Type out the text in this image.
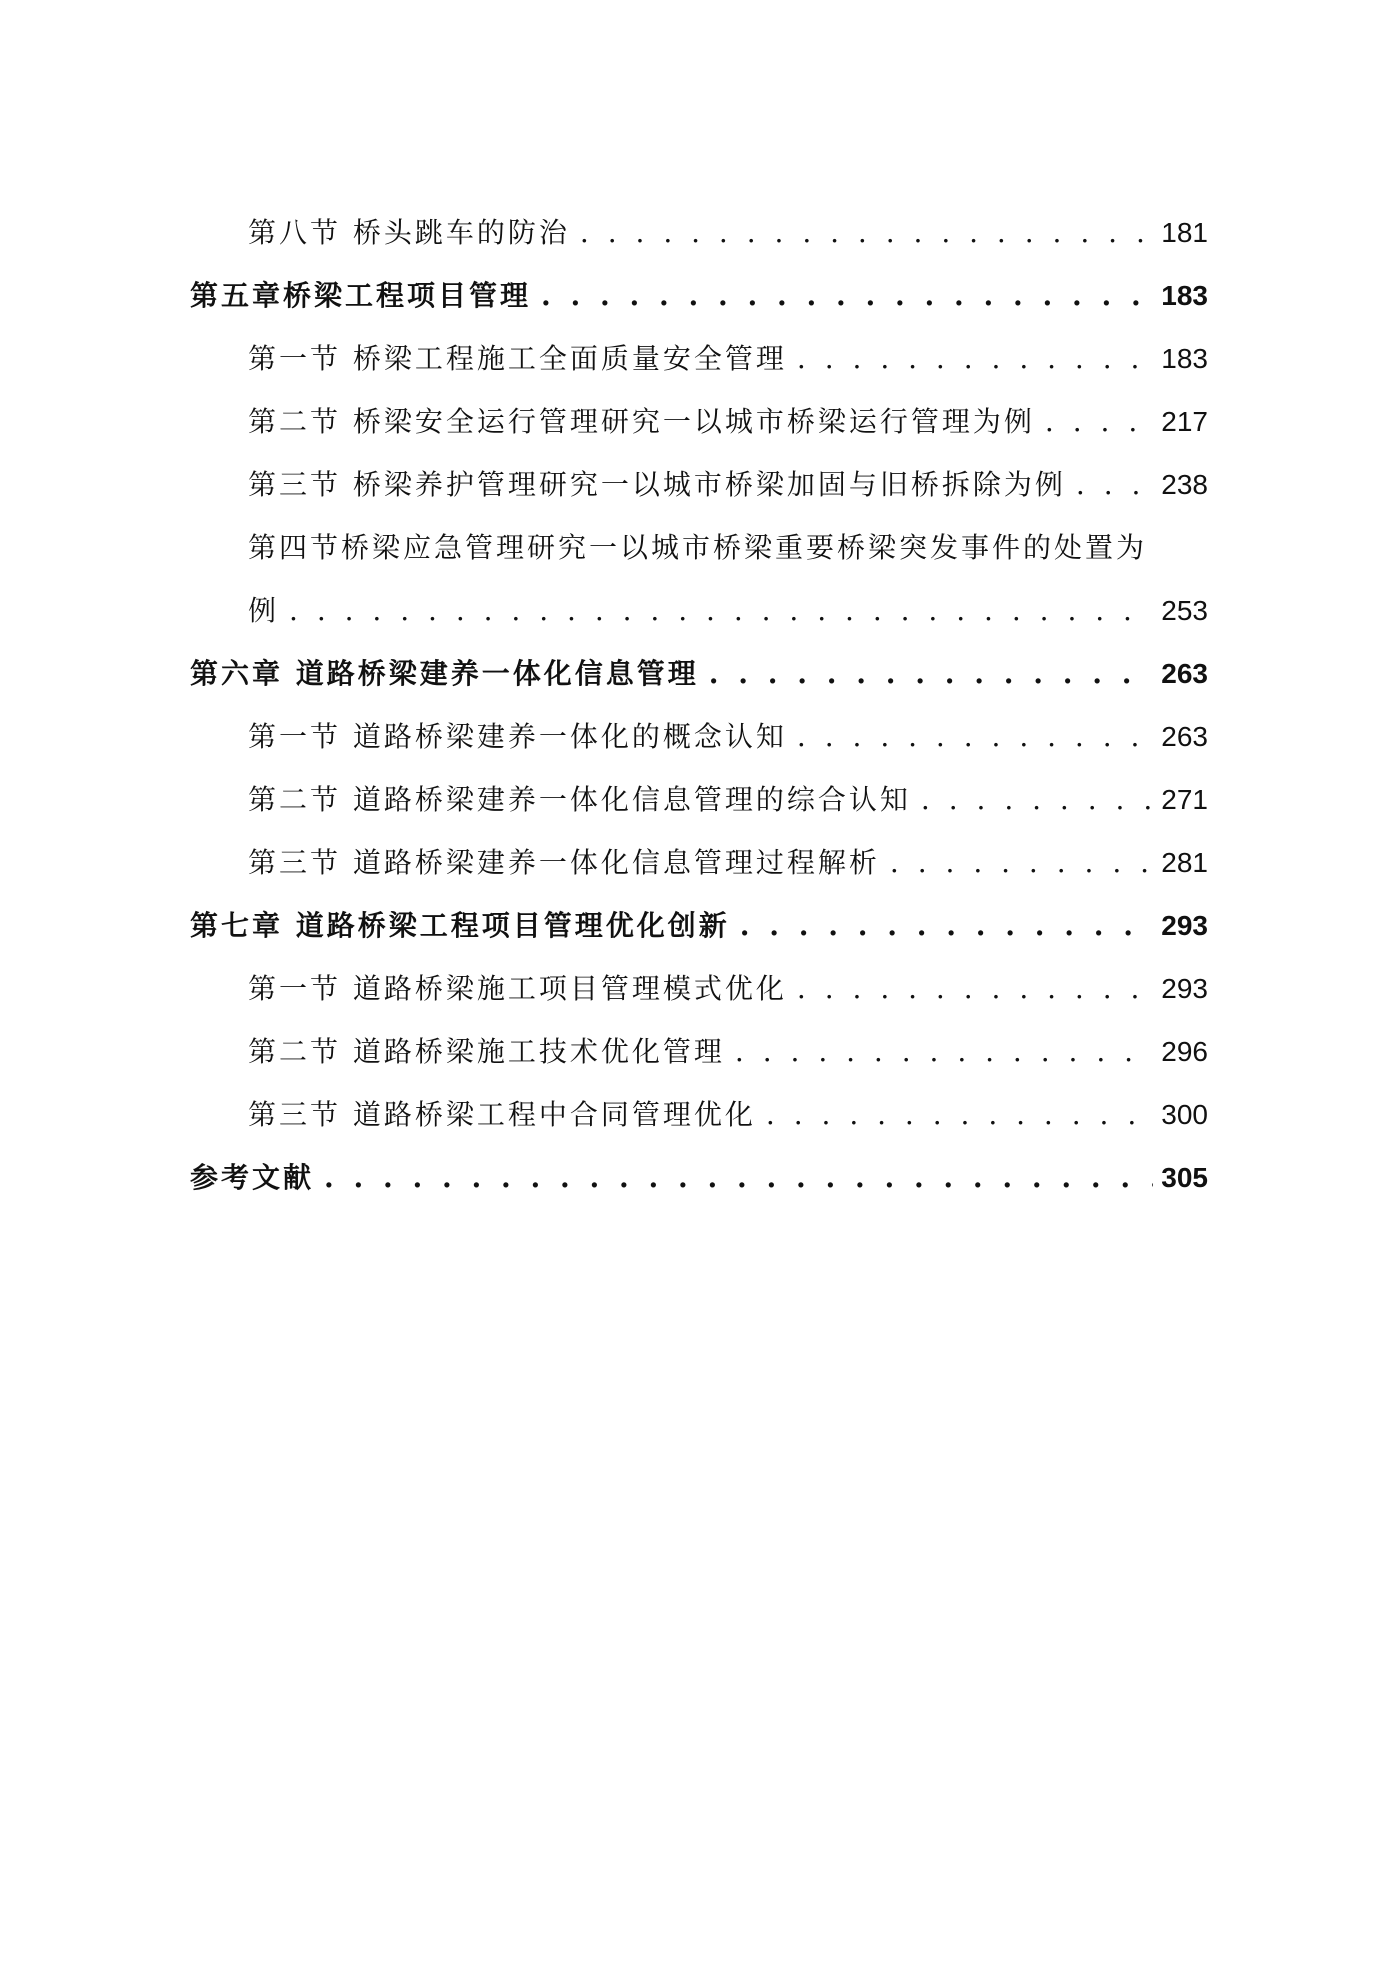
第八节 桥头跳车的防治 . . .	181
第五章桥梁工程项目管理 . . .	183
第一节 桥梁工程施工全面质量安全管理 . . .	183
第二节 桥梁安全运行管理研究一以城市桥梁运行管理为例 . . .	217
第三节 桥梁养护管理研究一以城市桥梁加固与旧桥拆除为例 . . .	238
第四节 桥梁应急管理研究一以城市桥梁重要桥梁突发事件的处置为
例 . . .	253
第六章 道路桥梁建养一体化信息管理 . . .	263
第一节 道路桥梁建养一体化的概念认知 . . .	263
第二节 道路桥梁建养一体化信息管理的综合认知 . . .	271
第三节 道路桥梁建养一体化信息管理过程解析 . . .	281
第七章 道路桥梁工程项目管理优化创新 . . .	293
第一节 道路桥梁施工项目管理模式优化 . . .	293
第二节 道路桥梁施工技术优化管理 . . .	296
第三节 道路桥梁工程中合同管理优化 . . .	300
参考文献 . . .	305
